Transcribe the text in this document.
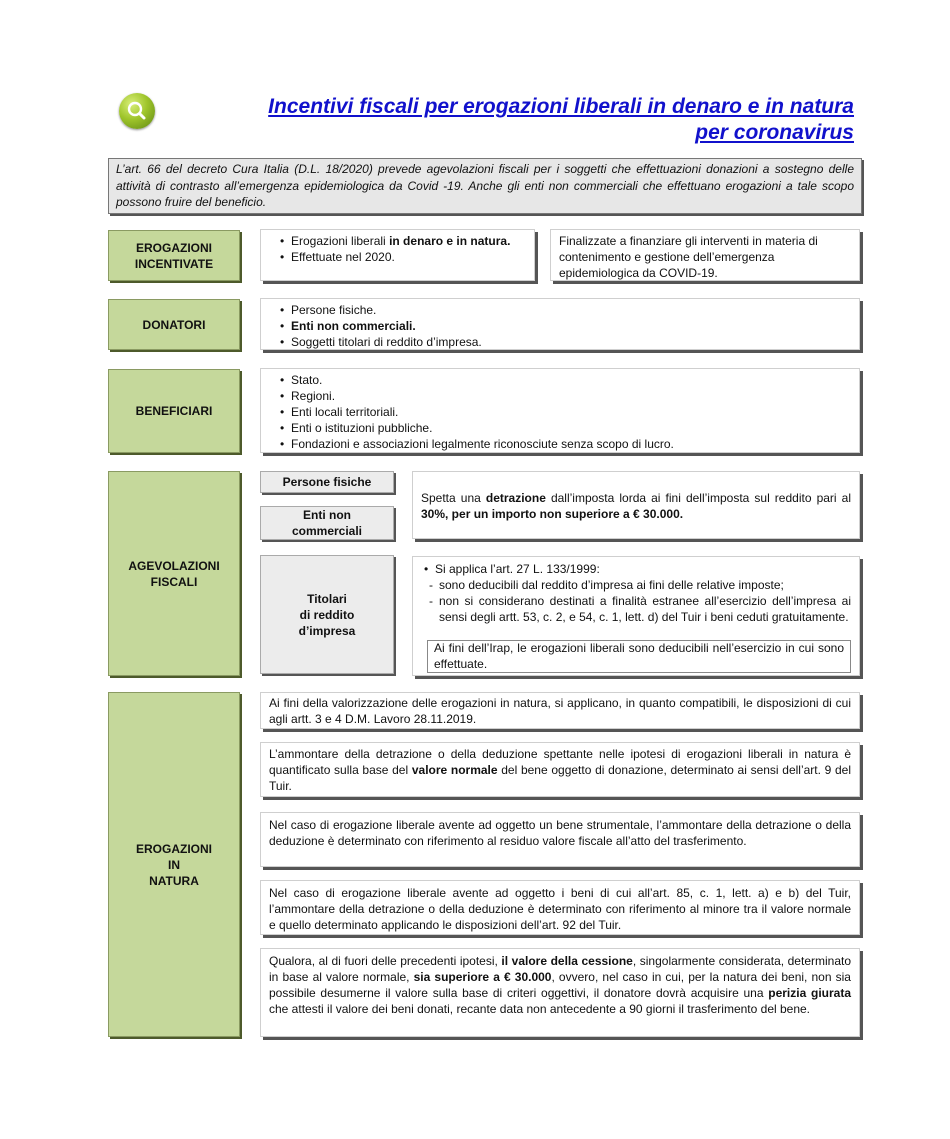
Incentivi fiscali per erogazioni liberali in denaro e in natura
per coronavirus
L’art. 66 del decreto Cura Italia (D.L. 18/2020) prevede agevolazioni fiscali per i soggetti che effettuazioni donazioni a sostegno delle attività di contrasto all’emergenza epidemiologica da Covid -19. Anche gli enti non commerciali che effettuano erogazioni a tale scopo possono fruire del beneficio.
EROGAZIONI
INCENTIVATE
• Erogazioni liberali in denaro e in natura.
• Effettuate nel 2020.
Finalizzate a finanziare gli interventi in materia di contenimento e gestione dell’emergenza epidemiologica da COVID-19.
DONATORI
• Persone fisiche.
• Enti non commerciali.
• Soggetti titolari di reddito d’impresa.
BENEFICIARI
• Stato.
• Regioni.
• Enti locali territoriali.
• Enti o istituzioni pubbliche.
• Fondazioni e associazioni legalmente riconosciute senza scopo di lucro.
AGEVOLAZIONI
FISCALI
Persone fisiche
Enti non
commerciali
Spetta una detrazione dall’imposta lorda ai fini dell’imposta sul reddito pari al 30%, per un importo non superiore a € 30.000.
Titolari
di reddito
d’impresa
• Si applica l’art. 27 L. 133/1999:
- sono deducibili dal reddito d’impresa ai fini delle relative imposte;
- non si considerano destinati a finalità estranee all’esercizio dell’impresa ai sensi degli artt. 53, c. 2, e 54, c. 1, lett. d) del Tuir i beni ceduti gratuitamente.
Ai fini dell’Irap, le erogazioni liberali sono deducibili nell’esercizio in cui sono effettuate.
EROGAZIONI
IN
NATURA
Ai fini della valorizzazione delle erogazioni in natura, si applicano, in quanto compatibili, le disposizioni di cui agli artt. 3 e 4 D.M. Lavoro 28.11.2019.
L’ammontare della detrazione o della deduzione spettante nelle ipotesi di erogazioni liberali in natura è quantificato sulla base del valore normale del bene oggetto di donazione, determinato ai sensi dell’art. 9 del Tuir.
Nel caso di erogazione liberale avente ad oggetto un bene strumentale, l’ammontare della detrazione o della deduzione è determinato con riferimento al residuo valore fiscale all’atto del trasferimento.
Nel caso di erogazione liberale avente ad oggetto i beni di cui all’art. 85, c. 1, lett. a) e b) del Tuir, l’ammontare della detrazione o della deduzione è determinato con riferimento al minore tra il valore normale e quello determinato applicando le disposizioni dell’art. 92 del Tuir.
Qualora, al di fuori delle precedenti ipotesi, il valore della cessione, singolarmente considerata, determinato in base al valore normale, sia superiore a € 30.000, ovvero, nel caso in cui, per la natura dei beni, non sia possibile desumerne il valore sulla base di criteri oggettivi, il donatore dovrà acquisire una perizia giurata che attesti il valore dei beni donati, recante data non antecedente a 90 giorni il trasferimento del bene.
